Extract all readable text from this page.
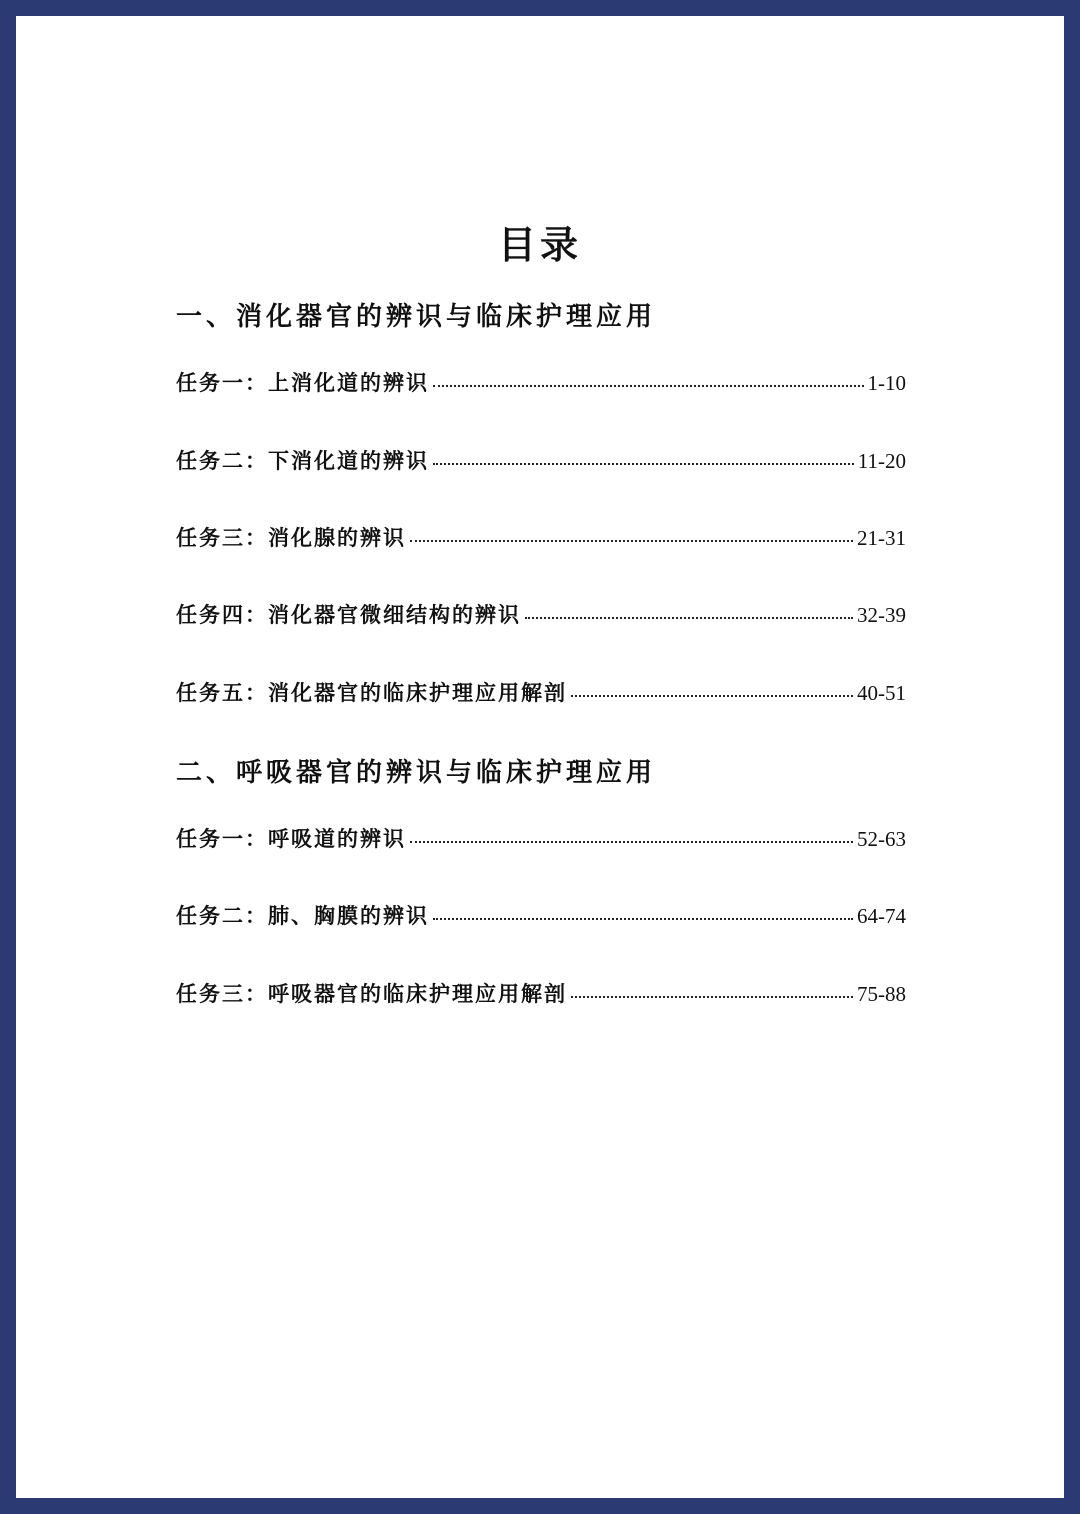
目录
一、消化器官的辨识与临床护理应用
任务一：上消化道的辨识	1-10
任务二：下消化道的辨识	11-20
任务三：消化腺的辨识	21-31
任务四：消化器官微细结构的辨识	32-39
任务五：消化器官的临床护理应用解剖	40-51
二、呼吸器官的辨识与临床护理应用
任务一：呼吸道的辨识	52-63
任务二：肺、胸膜的辨识	64-74
任务三：呼吸器官的临床护理应用解剖	75-88
